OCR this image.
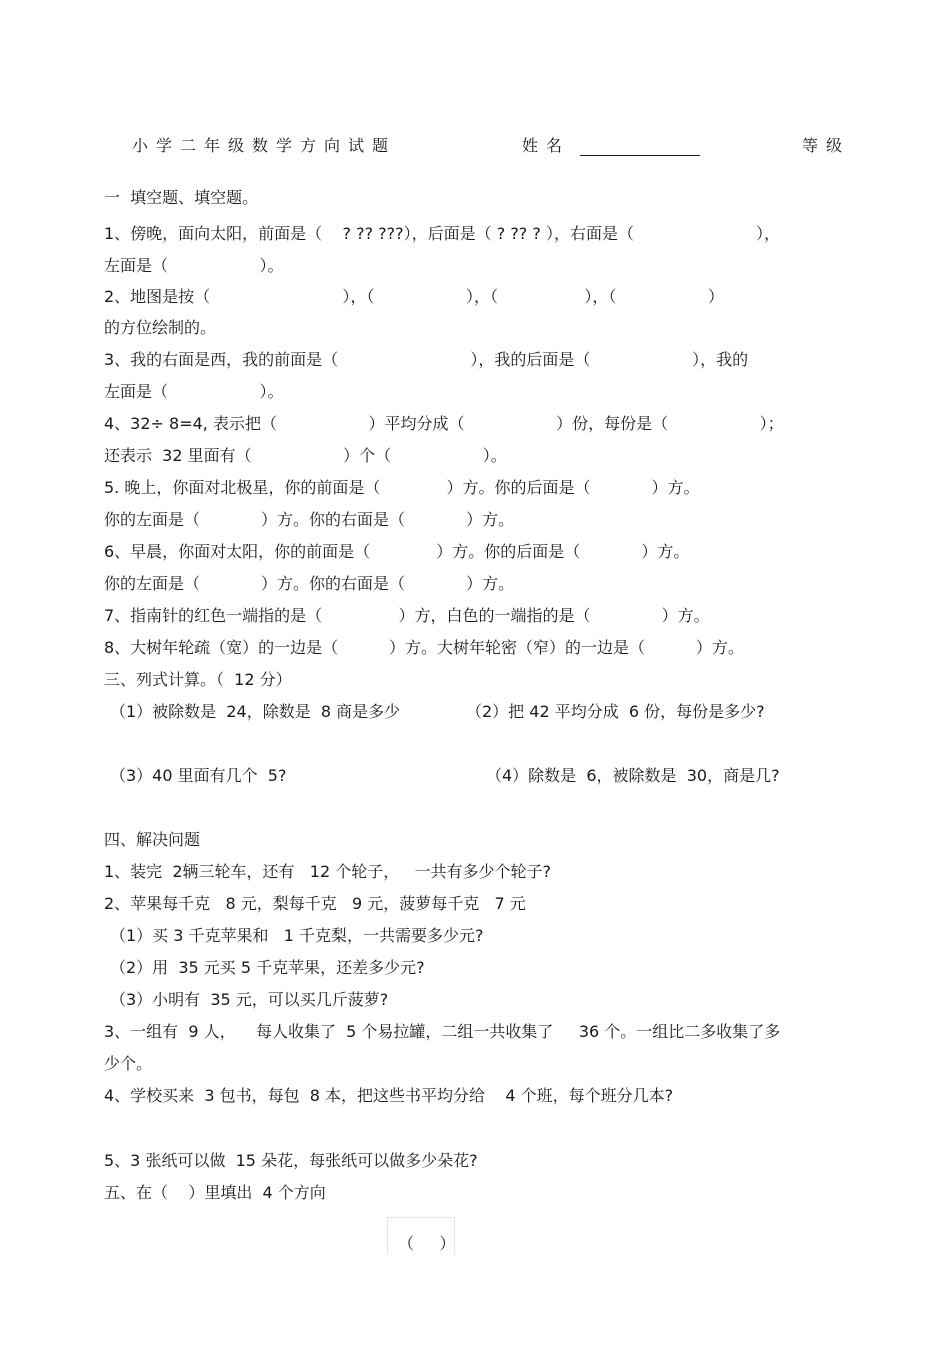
小学二年级数学方向试题	姓名	等级
一  填空题、填空题。
1、傍晚，面向太阳，前面是（    ? ?? ???），后面是（ ? ?? ? ），右面是（                        ），
左面是（                  ）。
2、地图是按（                          ），（                  ），（                 ），（                  ）
的方位绘制的。
3、我的右面是西，我的前面是（                          ），我的后面是（                    ），我的
左面是（                  ）。
4、32÷ 8=4, 表示把（                  ）平均分成（                  ）份，每份是（                  ）；
还表示  32 里面有（                  ）个（                  ）。
5. 晚上，你面对北极星，你的前面是（             ）方。你的后面是（            ）方。
你的左面是（            ）方。你的右面是（            ）方。
6、早晨，你面对太阳，你的前面是（             ）方。你的后面是（            ）方。
你的左面是（            ）方。你的右面是（            ）方。
7、指南针的红色一端指的是（               ）方，白色的一端指的是（              ）方。
8、大树年轮疏（宽）的一边是（          ）方。大树年轮密（窄）的一边是（          ）方。
三、列式计算。（  12 分）
（1）被除数是  24，除数是  8 商是多少	（2）把 42 平均分成  6 份，每份是多少?
（3）40 里面有几个  5?	（4）除数是  6，被除数是  30，商是几?
四、解决问题
1、装完  2辆三轮车，还有   12 个轮子，   一共有多少个轮子?
2、苹果每千克   8 元，梨每千克   9 元，菠萝每千克   7 元
（1）买 3 千克苹果和   1 千克梨，一共需要多少元?
（2）用  35 元买 5 千克苹果，还差多少元?
（3）小明有  35 元，可以买几斤菠萝?
3、一组有  9 人，    每人收集了  5 个易拉罐，二组一共收集了     36 个。一组比二多收集了多
少个。
4、学校买来  3 包书，每包  8 本，把这些书平均分给    4 个班，每个班分几本?
5、3 张纸可以做  15 朵花，每张纸可以做多少朵花?
五、在（    ）里填出  4 个方向
（     ）
